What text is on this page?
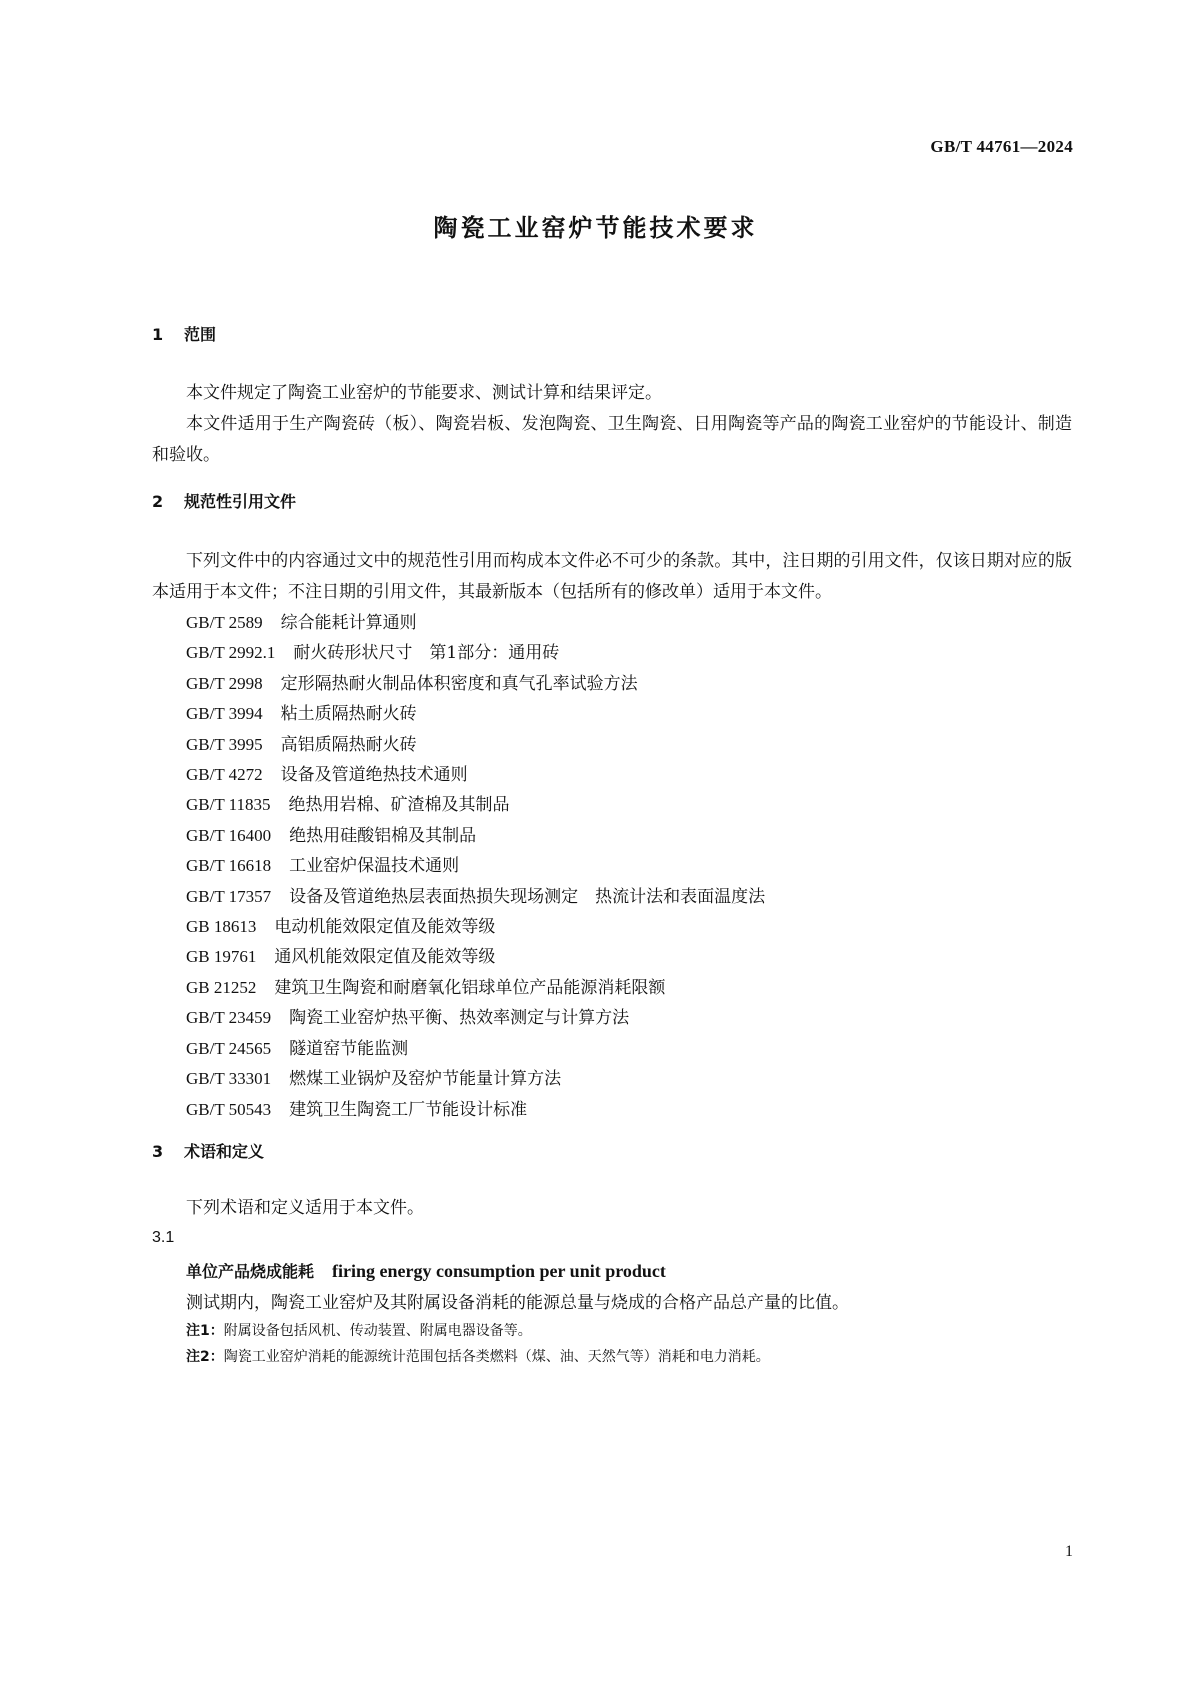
GB/T 44761—2024
陶瓷工业窑炉节能技术要求
1 范围

本文件规定了陶瓷工业窑炉的节能要求、测试计算和结果评定。

本文件适用于生产陶瓷砖（板）、陶瓷岩板、发泡陶瓷、卫生陶瓷、日用陶瓷等产品的陶瓷工业窑炉的节能设计、制造和验收。

2 规范性引用文件

下列文件中的内容通过文中的规范性引用而构成本文件必不可少的条款。其中，注日期的引用文件，仅该日期对应的版本适用于本文件；不注日期的引用文件，其最新版本（包括所有的修改单）适用于本文件。

GB/T 2589 综合能耗计算通则
GB/T 2992.1 耐火砖形状尺寸　第1部分：通用砖
GB/T 2998 定形隔热耐火制品体积密度和真气孔率试验方法
GB/T 3994 粘土质隔热耐火砖
GB/T 3995 高铝质隔热耐火砖
GB/T 4272 设备及管道绝热技术通则
GB/T 11835 绝热用岩棉、矿渣棉及其制品
GB/T 16400 绝热用硅酸铝棉及其制品
GB/T 16618 工业窑炉保温技术通则
GB/T 17357 设备及管道绝热层表面热损失现场测定　热流计法和表面温度法
GB 18613 电动机能效限定值及能效等级
GB 19761 通风机能效限定值及能效等级
GB 21252 建筑卫生陶瓷和耐磨氧化铝球单位产品能源消耗限额
GB/T 23459 陶瓷工业窑炉热平衡、热效率测定与计算方法
GB/T 24565 隧道窑节能监测
GB/T 33301 燃煤工业锅炉及窑炉节能量计算方法
GB/T 50543 建筑卫生陶瓷工厂节能设计标准
3 术语和定义

下列术语和定义适用于本文件。

3.1

单位产品烧成能耗 firing energy consumption per unit product
测试期内，陶瓷工业窑炉及其附属设备消耗的能源总量与烧成的合格产品总产量的比值。
注1：附属设备包括风机、传动装置、附属电器设备等。
注2：陶瓷工业窑炉消耗的能源统计范围包括各类燃料（煤、油、天然气等）消耗和电力消耗。
1
